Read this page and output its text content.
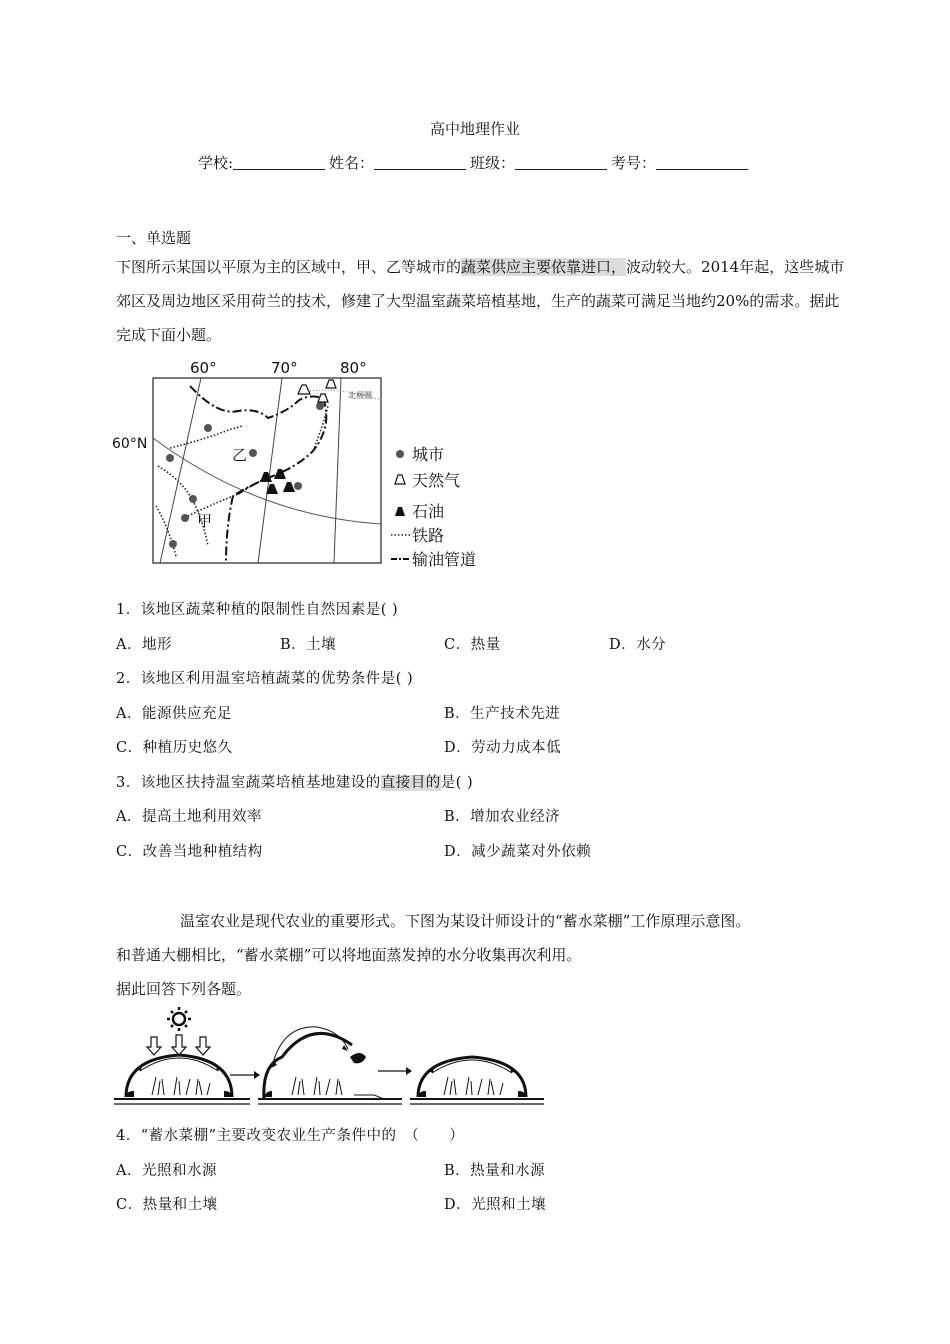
高中地理作业
学校:	姓名：	班级：	考号：
一、单选题
下图所示某国以平原为主的区域中，甲、乙等城市的蔬菜供应主要依靠进口，波动较大。2014年起，这些城市郊区及周边地区采用荷兰的技术，修建了大型温室蔬菜培植基地，生产的蔬菜可满足当地约20%的需求。据此完成下面小题。
60°	70°	80°
60°N
北极圈
乙
甲
城市
天然气
石油
铁路
输油管道
1．该地区蔬菜种植的限制性自然因素是( )
A．地形	B．土壤	C．热量	D．水分
2．该地区利用温室培植蔬菜的优势条件是( )
A．能源供应充足	B．生产技术先进
C．种植历史悠久	D．劳动力成本低
3．该地区扶持温室蔬菜培植基地建设的直接目的是( )
A．提高土地利用效率	B．增加农业经济
C．改善当地种植结构	D．减少蔬菜对外依赖
温室农业是现代农业的重要形式。下图为某设计师设计的“蓄水菜棚”工作原理示意图。
和普通大棚相比，“蓄水菜棚”可以将地面蒸发掉的水分收集再次利用。
据此回答下列各题。
4．“蓄水菜棚”主要改变农业生产条件中的　（　　）
A．光照和水源	B．热量和水源
C．热量和土壤	D．光照和土壤
